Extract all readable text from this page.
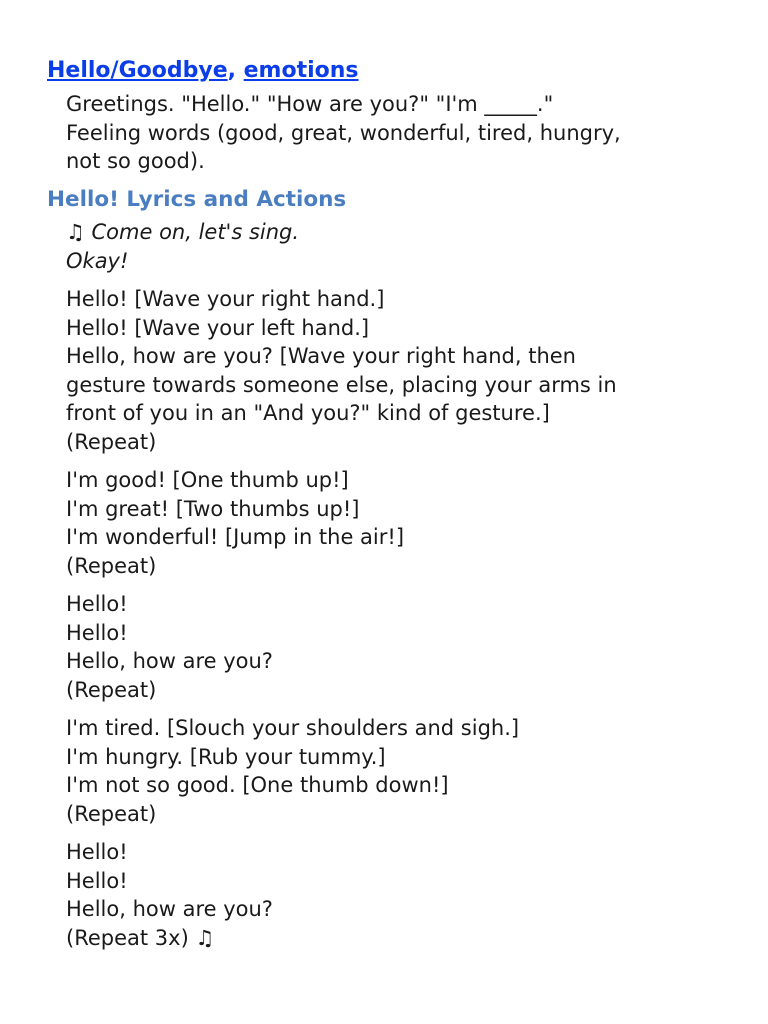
Hello/Goodbye, emotions

Greetings. "Hello." "How are you?" "I'm _____."
Feeling words (good, great, wonderful, tired, hungry,
not so good).

Hello! Lyrics and Actions

♫ Come on, let's sing.
Okay!

Hello! [Wave your right hand.]
Hello! [Wave your left hand.]
Hello, how are you? [Wave your right hand, then
gesture towards someone else, placing your arms in
front of you in an "And you?" kind of gesture.]
(Repeat)

I'm good! [One thumb up!]
I'm great! [Two thumbs up!]
I'm wonderful! [Jump in the air!]
(Repeat)

Hello!
Hello!
Hello, how are you?
(Repeat)

I'm tired. [Slouch your shoulders and sigh.]
I'm hungry. [Rub your tummy.]
I'm not so good. [One thumb down!]
(Repeat)

Hello!
Hello!
Hello, how are you?
(Repeat 3x) ♫
